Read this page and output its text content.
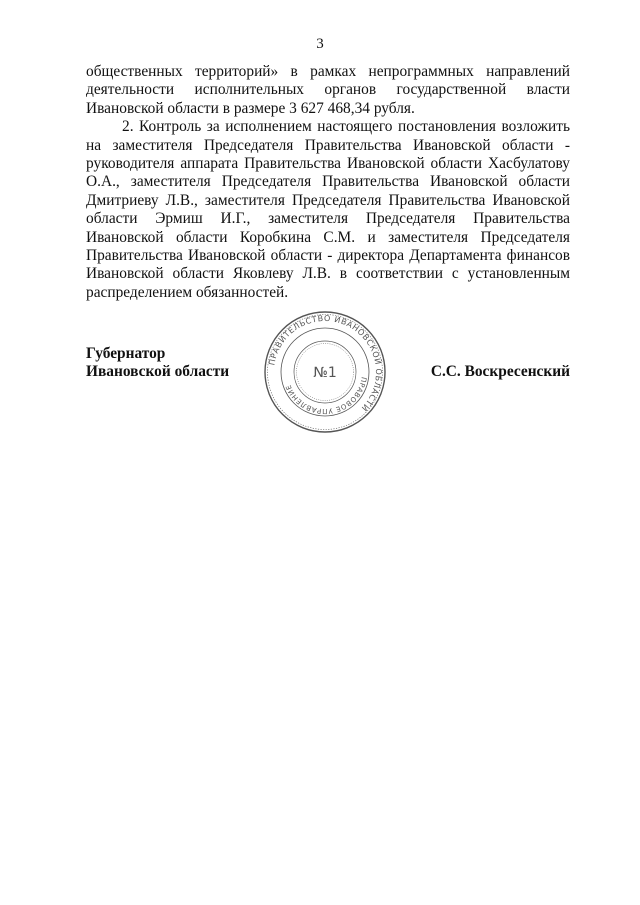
3

общественных территорий» в рамках непрограммных направлений деятельности исполнительных органов государственной власти Ивановской области в размере 3 627 468,34 рубля.

2. Контроль за исполнением настоящего постановления возложить на заместителя Председателя Правительства Ивановской области - руководителя аппарата Правительства Ивановской области Хасбулатову О.А., заместителя Председателя Правительства Ивановской области Дмитриеву Л.В., заместителя Председателя Правительства Ивановской области Эрмиш И.Г., заместителя Председателя Правительства Ивановской области Коробкина С.М. и заместителя Председателя Правительства Ивановской области - директора Департамента финансов Ивановской области Яковлеву Л.В. в соответствии с установленным распределением обязанностей.

Губернатор
Ивановской области
ПРАВИТЕЛЬСТВО ИВАНОВСКОЙ ОБЛАСТИ
ПРАВОВОЕ УПРАВЛЕНИЕ
№1	С.С. Воскресенский
